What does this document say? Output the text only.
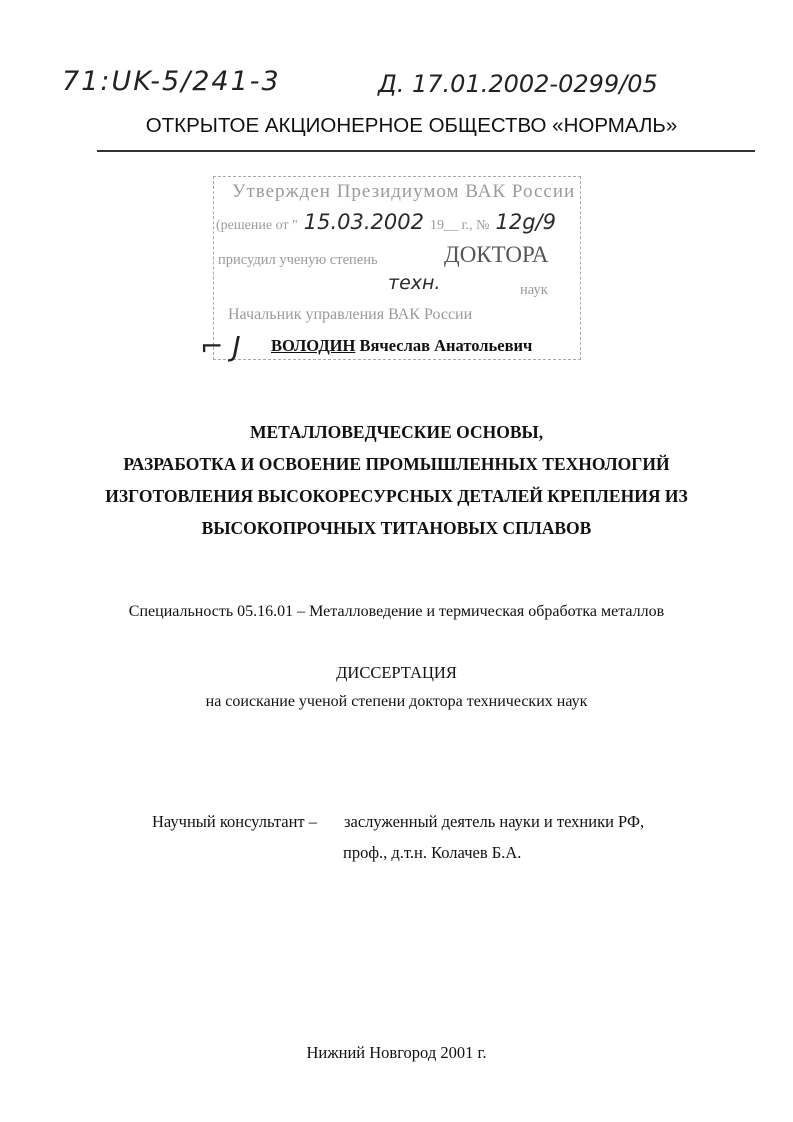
71:UK-5/241-3	Д. 17.01.2002-0299/05
ОТКРЫТОЕ АКЦИОНЕРНОЕ ОБЩЕСТВО «НОРМАЛЬ»
Утвержден Президиумом ВАК России
(решение от " 15.03.2002 19__ г., № 12g/9
присудил ученую степень	ДОКТОРА
техн.	наук
Начальник управления ВАК России
⌐ J ВОЛОДИН Вячеслав Анатольевич
МЕТАЛЛОВЕДЧЕСКИЕ ОСНОВЫ,
РАЗРАБОТКА И ОСВОЕНИЕ ПРОМЫШЛЕННЫХ ТЕХНОЛОГИЙ
ИЗГОТОВЛЕНИЯ ВЫСОКОРЕСУРСНЫХ ДЕТАЛЕЙ КРЕПЛЕНИЯ ИЗ
ВЫСОКОПРОЧНЫХ ТИТАНОВЫХ СПЛАВОВ
Специальность 05.16.01 – Металловедение и термическая обработка металлов
ДИССЕРТАЦИЯ
на соискание ученой степени доктора технических наук
Научный консультант – заслуженный деятель науки и техники РФ,
проф., д.т.н. Колачев Б.А.
Нижний Новгород 2001 г.
